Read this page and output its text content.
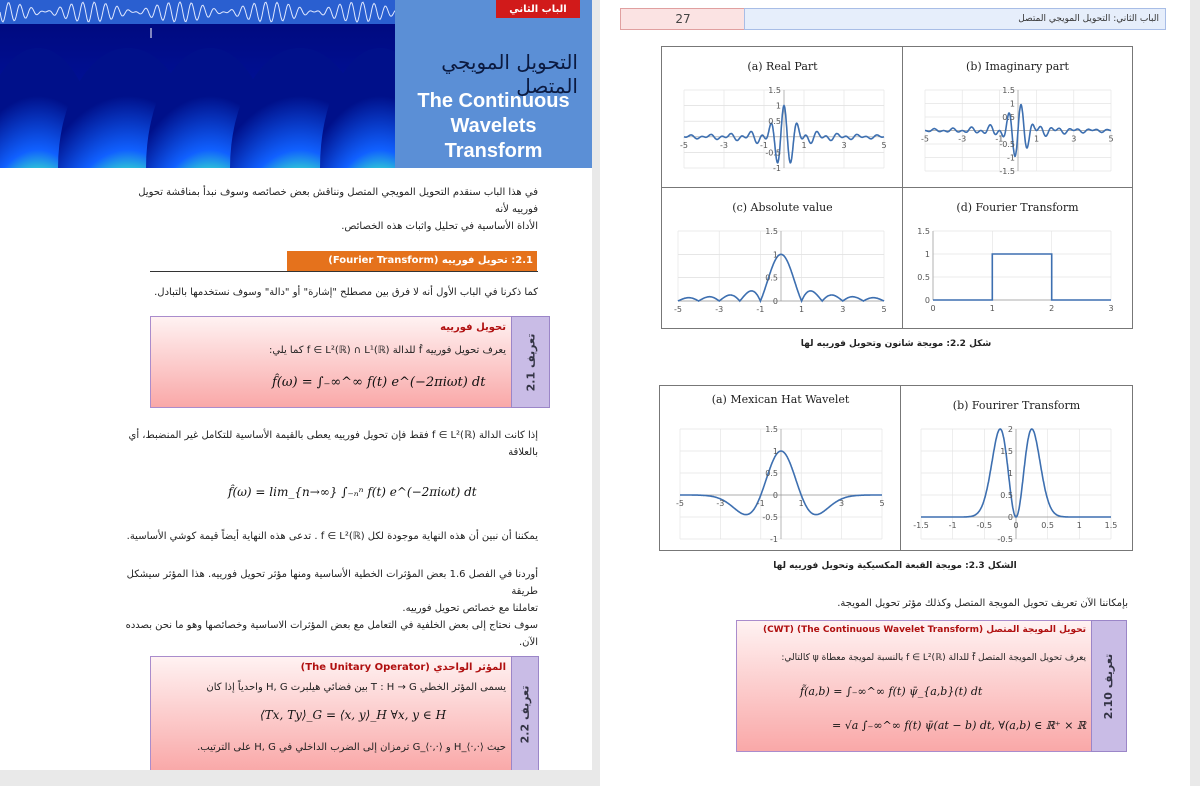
الباب الثاني
التحويل المويجي المتصل
The Continuous
Wavelets
Transform
في هذا الباب سنقدم التحويل المويجي المتصل ونناقش بعض خصائصه وسوف نبدأ بمناقشة تحويل فورييه لأنه
الأداة الأساسية في تحليل واثبات هذه الخصائص.
2.1: تحويل فورييه (Fourier Transform)
كما ذكرنا في الباب الأول أنه لا فرق بين مصطلح "إشارة" أو "دالة" وسوف نستخدمها بالتبادل.
تعريف 2.1
تحويل فورييه
يعرف تحويل فورييه f̂ للدالة f ∈ L²(ℝ) ∩ L¹(ℝ) كما يلي:
f̂(ω) = ∫₋∞^∞ f(t) e^(−2πiωt) dt
إذا كانت الدالة f ∈ L²(ℝ) فقط فإن تحويل فورييه يعطى بالقيمة الأساسية للتكامل غير المنضبط، أي
بالعلاقة
f̂(ω) = lim_{n→∞} ∫₋ₙⁿ f(t) e^(−2πiωt) dt
يمكننا أن نبين أن هذه النهاية موجودة لكل f ∈ L²(ℝ) . تدعى هذه النهاية أيضاً قيمة كوشي الأساسية.
أوردنا في الفصل 1.6 بعض المؤثرات الخطية الأساسية ومنها مؤثر تحويل فورييه. هذا المؤثر سيشكل طريقة
تعاملنا مع خصائص تحويل فورييه.
سوف نحتاج إلى بعض الخلفية في التعامل مع بعض المؤثرات الاساسية وخصائصها وهو ما نحن بصدده الآن.
تعريف 2.2
المؤثر الواحدي (The Unitary Operator)
يسمى المؤثر الخطي T : H → G بين فضائي هيلبرت H, G واحدياً إذا كان
⟨Tx, Ty⟩_G = ⟨x, y⟩_H ∀x, y ∈ H
حيث ⟨·,·⟩_H و ⟨·,·⟩_G ترمزان إلى الضرب الداخلي في H, G على الترتيب.
27	الباب الثاني: التحويل المويجي المتصل
(a) Real Part
-5	-3	-1	1	3	5
1.5
1
0.5
-0.5
-1
(b) Imaginary part
-5	-3	-1	1	3	5
1.5
1
0.5
-0.5
-1
-1.5
(c) Absolute value
-5	-3	-1	1	3	5
1.5
1
0.5
0
(d) Fourier Transform
0	1	2	3
1.5
1
0.5
0
شكل 2.2: مويجة شانون وتحويل فورييه لها
(a) Mexican Hat Wavelet
-5	-3	-1	1	3	5
1.5
1
0.5
0
-0.5
-1
(b) Fourirer Transform
-1.5 -1 -0.5	0	0.5	1	1.5
2
1.5
1
0.5
0
-0.5
الشكل 2.3: مويجة القبعة المكسيكية وتحويل فورييه لها
بإمكاننا الآن تعريف تحويل المويجة المتصل وكذلك مؤثر تحويل المويجة.
تعريف 2.10
تحويل المويجة المتصل (The Continuous Wavelet Transform) (CWT)
يعرف تحويل المويجة المتصل f̃ للدالة f ∈ L²(ℝ) بالنسبة لمويجة معطاة ψ كالتالي:
f̃(a,b) = ∫₋∞^∞ f(t) ψ̄_{a,b}(t) dt
= √a ∫₋∞^∞ f(t) ψ̄(at − b) dt, ∀(a,b) ∈ ℝ⁺ × ℝ
